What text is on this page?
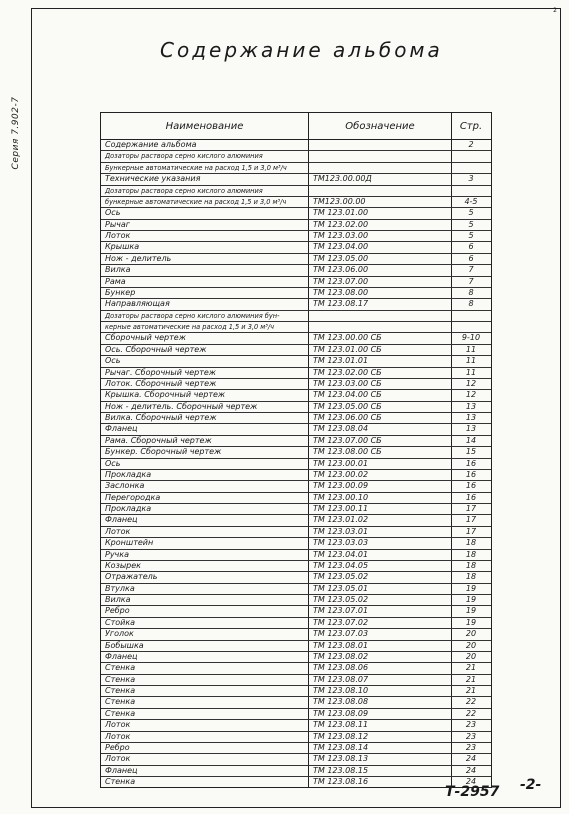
Серия 7.902-7
2
Содержание альбома
Наименование	Обозначение	Стр.
Содержание альбома	2
Дозаторы раствора серно кислого алюминия
Бункерные автоматические на расход 1,5 и 3,0 м³/ч
Технические указания	ТМ123.00.00Д	3
Дозаторы раствора серно кислого алюминия
бункерные автоматические на расход 1,5 и 3,0 м³/ч	ТМ123.00.00	4-5
Ось	ТМ 123.01.00	5
Рычаг	ТМ 123.02.00	5
Лоток	ТМ 123.03.00	5
Крышка	ТМ 123.04.00	6
Нож - делитель	ТМ 123.05.00	6
Вилка	ТМ 123.06.00	7
Рама	ТМ 123.07.00	7
Бункер	ТМ 123.08.00	8
Направляющая	ТМ 123.08.17	8
Дозаторы раствора серно кислого алюминия бун-
керные автоматические на расход 1,5 и 3,0 м³/ч
Сборочный чертеж	ТМ 123.00.00 СБ	9-10
Ось. Сборочный чертеж	ТМ 123.01.00 СБ	11
Ось	ТМ 123.01.01	11
Рычаг. Сборочный чертеж	ТМ 123.02.00 СБ	11
Лоток. Сборочный чертеж	ТМ 123.03.00 СБ	12
Крышка. Сборочный чертеж	ТМ 123.04.00 СБ	12
Нож - делитель. Сборочный чертеж	ТМ 123.05.00 СБ	13
Вилка. Сборочный чертеж	ТМ 123.06.00 СБ	13
Фланец	ТМ 123.08.04	13
Рама. Сборочный чертеж	ТМ 123.07.00 СБ	14
Бункер. Сборочный чертеж	ТМ 123.08.00 СБ	15
Ось	ТМ 123.00.01	16
Прокладка	ТМ 123.00.02	16
Заслонка	ТМ 123.00.09	16
Перегородка	ТМ 123.00.10	16
Прокладка	ТМ 123.00.11	17
Фланец	ТМ 123.01.02	17
Лоток	ТМ 123.03.01	17
Кронштейн	ТМ 123.03.03	18
Ручка	ТМ 123.04.01	18
Козырек	ТМ 123.04.05	18
Отражатель	ТМ 123.05.02	18
Втулка	ТМ 123.05.01	19
Вилка	ТМ 123.05.02	19
Ребро	ТМ 123.07.01	19
Стойка	ТМ 123.07.02	19
Уголок	ТМ 123.07.03	20
Бобышка	ТМ 123.08.01	20
Фланец	ТМ 123.08.02	20
Стенка	ТМ 123.08.06	21
Стенка	ТМ 123.08.07	21
Стенка	ТМ 123.08.10	21
Стенка	ТМ 123.08.08	22
Стенка	ТМ 123.08.09	22
Лоток	ТМ 123.08.11	23
Лоток	ТМ 123.08.12	23
Ребро	ТМ 123.08.14	23
Лоток	ТМ 123.08.13	24
Фланец	ТМ 123.08.15	24
Стенка	ТМ 123.08.16	24
Т-2957 -2-
